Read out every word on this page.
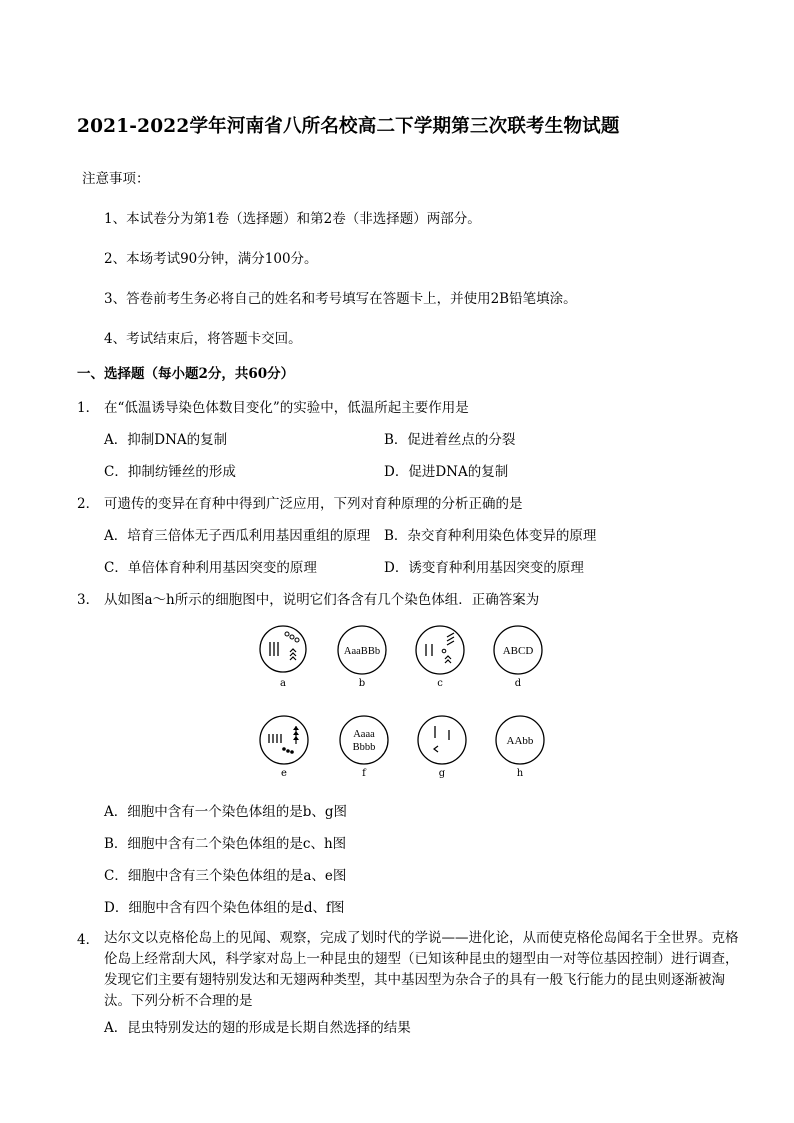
2021-2022学年河南省八所名校高二下学期第三次联考生物试题
注意事项：
1、本试卷分为第1卷（选择题）和第2卷（非选择题）两部分。
2、本场考试90分钟，满分100分。
3、答卷前考生务必将自己的姓名和考号填写在答题卡上，并使用2B铅笔填涂。
4、考试结束后，将答题卡交回。
一、选择题（每小题2分，共60分）
1． 在“低温诱导染色体数目变化”的实验中，低温所起主要作用是
A．抑制DNA的复制	B．促进着丝点的分裂
C．抑制纺锤丝的形成	D．促进DNA的复制
2． 可遗传的变异在育种中得到广泛应用，下列对育种原理的分析正确的是
A．培育三倍体无子西瓜利用基因重组的原理 B．杂交育种利用染色体变异的原理
C．单倍体育种利用基因突变的原理	D．诱变育种利用基因突变的原理
3． 从如图a～h所示的细胞图中，说明它们各含有几个染色体组．正确答案为
a
AaaBBb
b	c
ABCD
d
e
Aaaa
Bbbb
f	g
AAbb
h
A．细胞中含有一个染色体组的是b、g图
B．细胞中含有二个染色体组的是c、h图
C．细胞中含有三个染色体组的是a、e图
D．细胞中含有四个染色体组的是d、f图
4． 达尔文以克格伦岛上的见闻、观察，完成了划时代的学说——进化论，从而使克格伦岛闻名于全世界。克格伦岛上经常刮大风，科学家对岛上一种昆虫的翅型（已知该种昆虫的翅型由一对等位基因控制）进行调查，发现它们主要有翅特别发达和无翅两种类型，其中基因型为杂合子的具有一般飞行能力的昆虫则逐渐被淘汰。下列分析不合理的是
A．昆虫特别发达的翅的形成是长期自然选择的结果
